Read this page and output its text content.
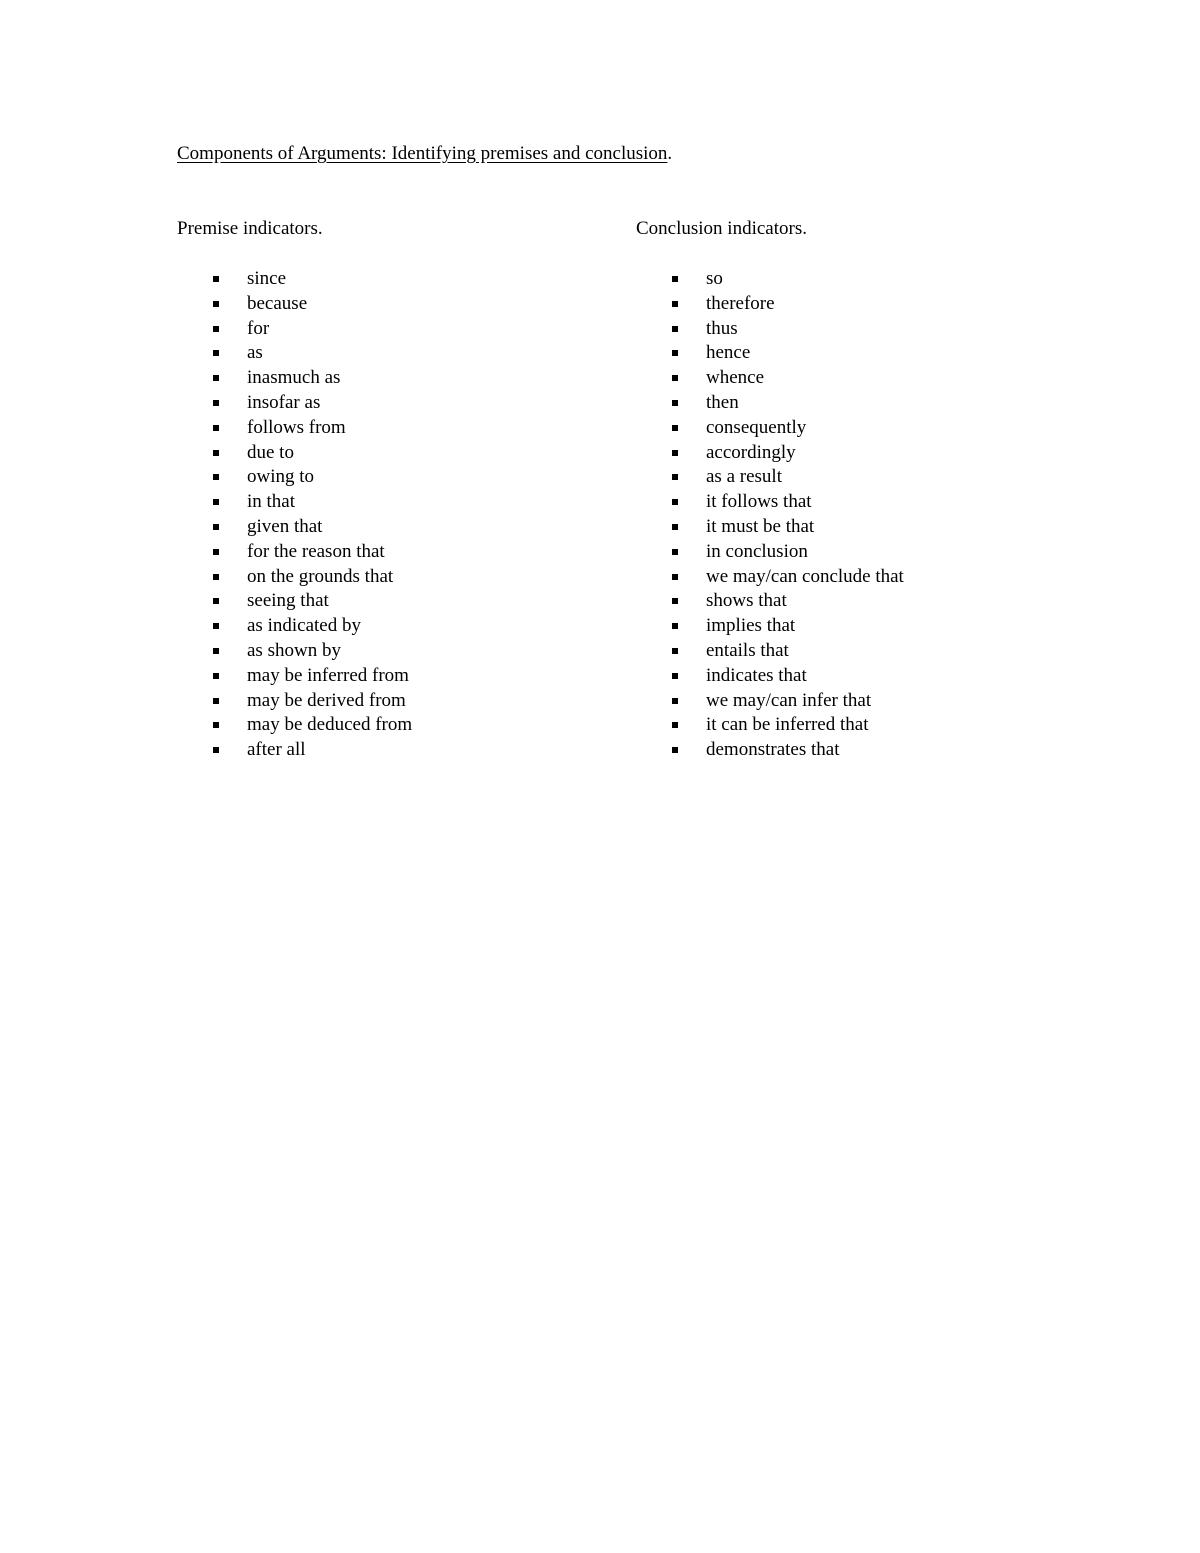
Components of Arguments: Identifying premises and conclusion.

Premise indicators.

since
because
for
as
inasmuch as
insofar as
follows from
due to
owing to
in that
given that
for the reason that
on the grounds that
seeing that
as indicated by
as shown by
may be inferred from
may be derived from
may be deduced from
after all

Conclusion indicators.

so
therefore
thus
hence
whence
then
consequently
accordingly
as a result
it follows that
it must be that
in conclusion
we may/can conclude that
shows that
implies that
entails that
indicates that
we may/can infer that
it can be inferred that
demonstrates that
